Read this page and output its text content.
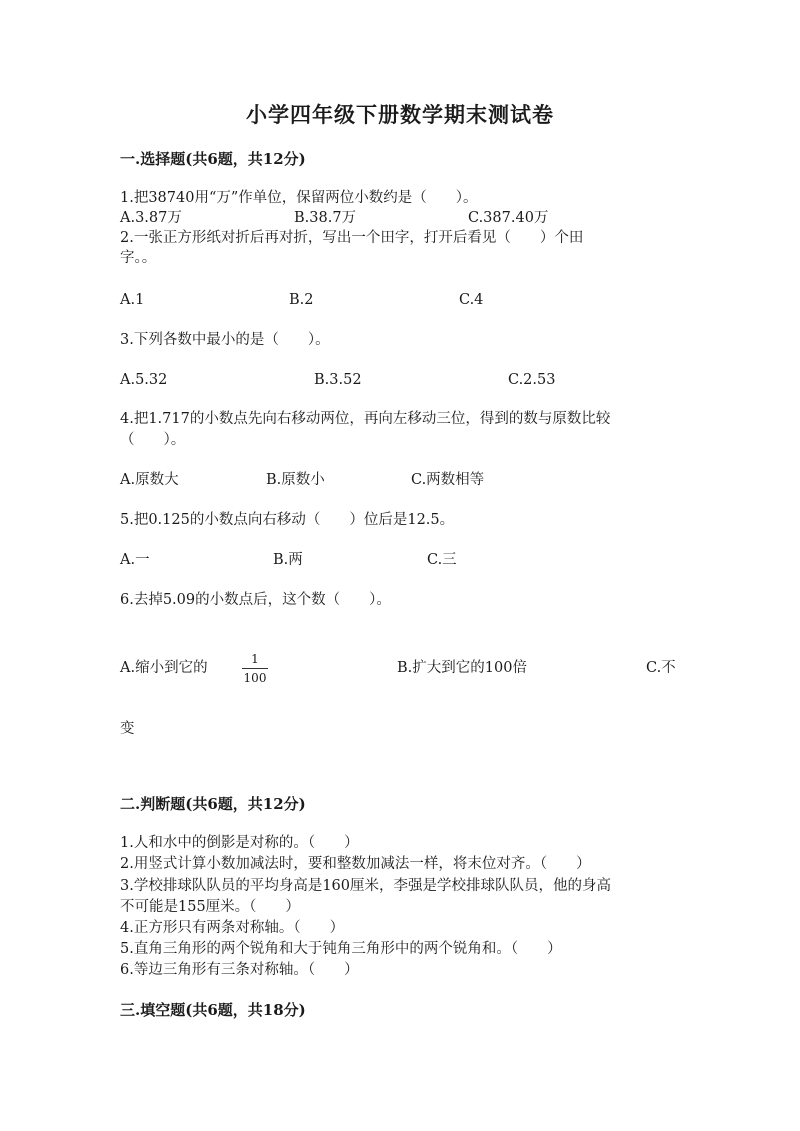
小学四年级下册数学期末测试卷
一.选择题(共6题，共12分)
1.把38740用“万”作单位，保留两位小数约是（　　）。
A.3.87万	B.38.7万	C.387.40万
2.一张正方形纸对折后再对折，写出一个田字，打开后看见（　　）个田
字。。
A.1	B.2	C.4
3.下列各数中最小的是（　　）。
A.5.32	B.3.52	C.2.53
4.把1.717的小数点先向右移动两位，再向左移动三位，得到的数与原数比较
（　　）。
A.原数大	B.原数小	C.两数相等
5.把0.125的小数点向右移动（　　）位后是12.5。
A.一	B.两	C.三
6.去掉5.09的小数点后，这个数（　　）。
A.缩小到它的
1
100
B.扩大到它的100倍	C.不
变
二.判断题(共6题，共12分)
1.人和水中的倒影是对称的。（　　）
2.用竖式计算小数加减法时，要和整数加减法一样，将末位对齐。（　　）
3.学校排球队队员的平均身高是160厘米，李强是学校排球队队员，他的身高
不可能是155厘米。（　　）
4.正方形只有两条对称轴。（　　）
5.直角三角形的两个锐角和大于钝角三角形中的两个锐角和。（　　）
6.等边三角形有三条对称轴。（　　）
三.填空题(共6题，共18分)
